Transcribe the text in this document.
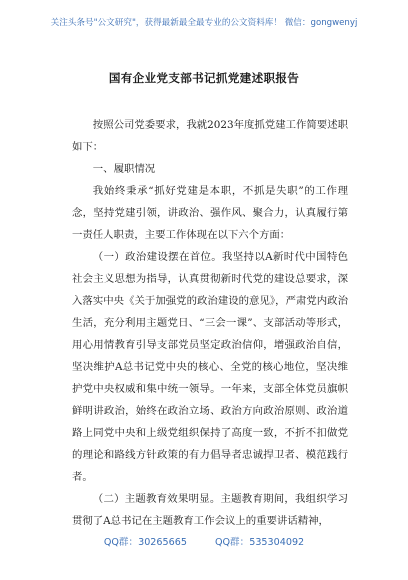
关注头条号"公文研究"，获得最新最全最专业的公文资料库！ 微信：gongwenyj
国有企业党支部书记抓党建述职报告

按照公司党委要求，我就2023年度抓党建工作简要述职如下：

一、履职情况

我始终秉承“抓好党建是本职，不抓是失职”的工作理念，坚持党建引领，讲政治、强作风、聚合力，认真履行第一责任人职责，主要工作体现在以下六个方面：

（一）政治建设摆在首位。我坚持以A新时代中国特色社会主义思想为指导，认真贯彻新时代党的建设总要求，深入落实中央《关于加强党的政治建设的意见》，严肃党内政治生活，充分利用主题党日、“三会一课”、支部活动等形式，用心用情教育引导支部党员坚定政治信仰，增强政治自信，坚决维护A总书记党中央的核心、全党的核心地位，坚决维护党中央权威和集中统一领导。一年来，支部全体党员旗帜鲜明讲政治，始终在政治立场、政治方向政治原则、政治道路上同党中央和上级党组织保持了高度一致，不折不扣做党的理论和路线方针政策的有力倡导者忠诚捍卫者、模范践行者。

（二）主题教育效果明显。主题教育期间，我组织学习贯彻了A总书记在主题教育工作会议上的重要讲话精神，

QQ群：30265665	QQ群：535304092
